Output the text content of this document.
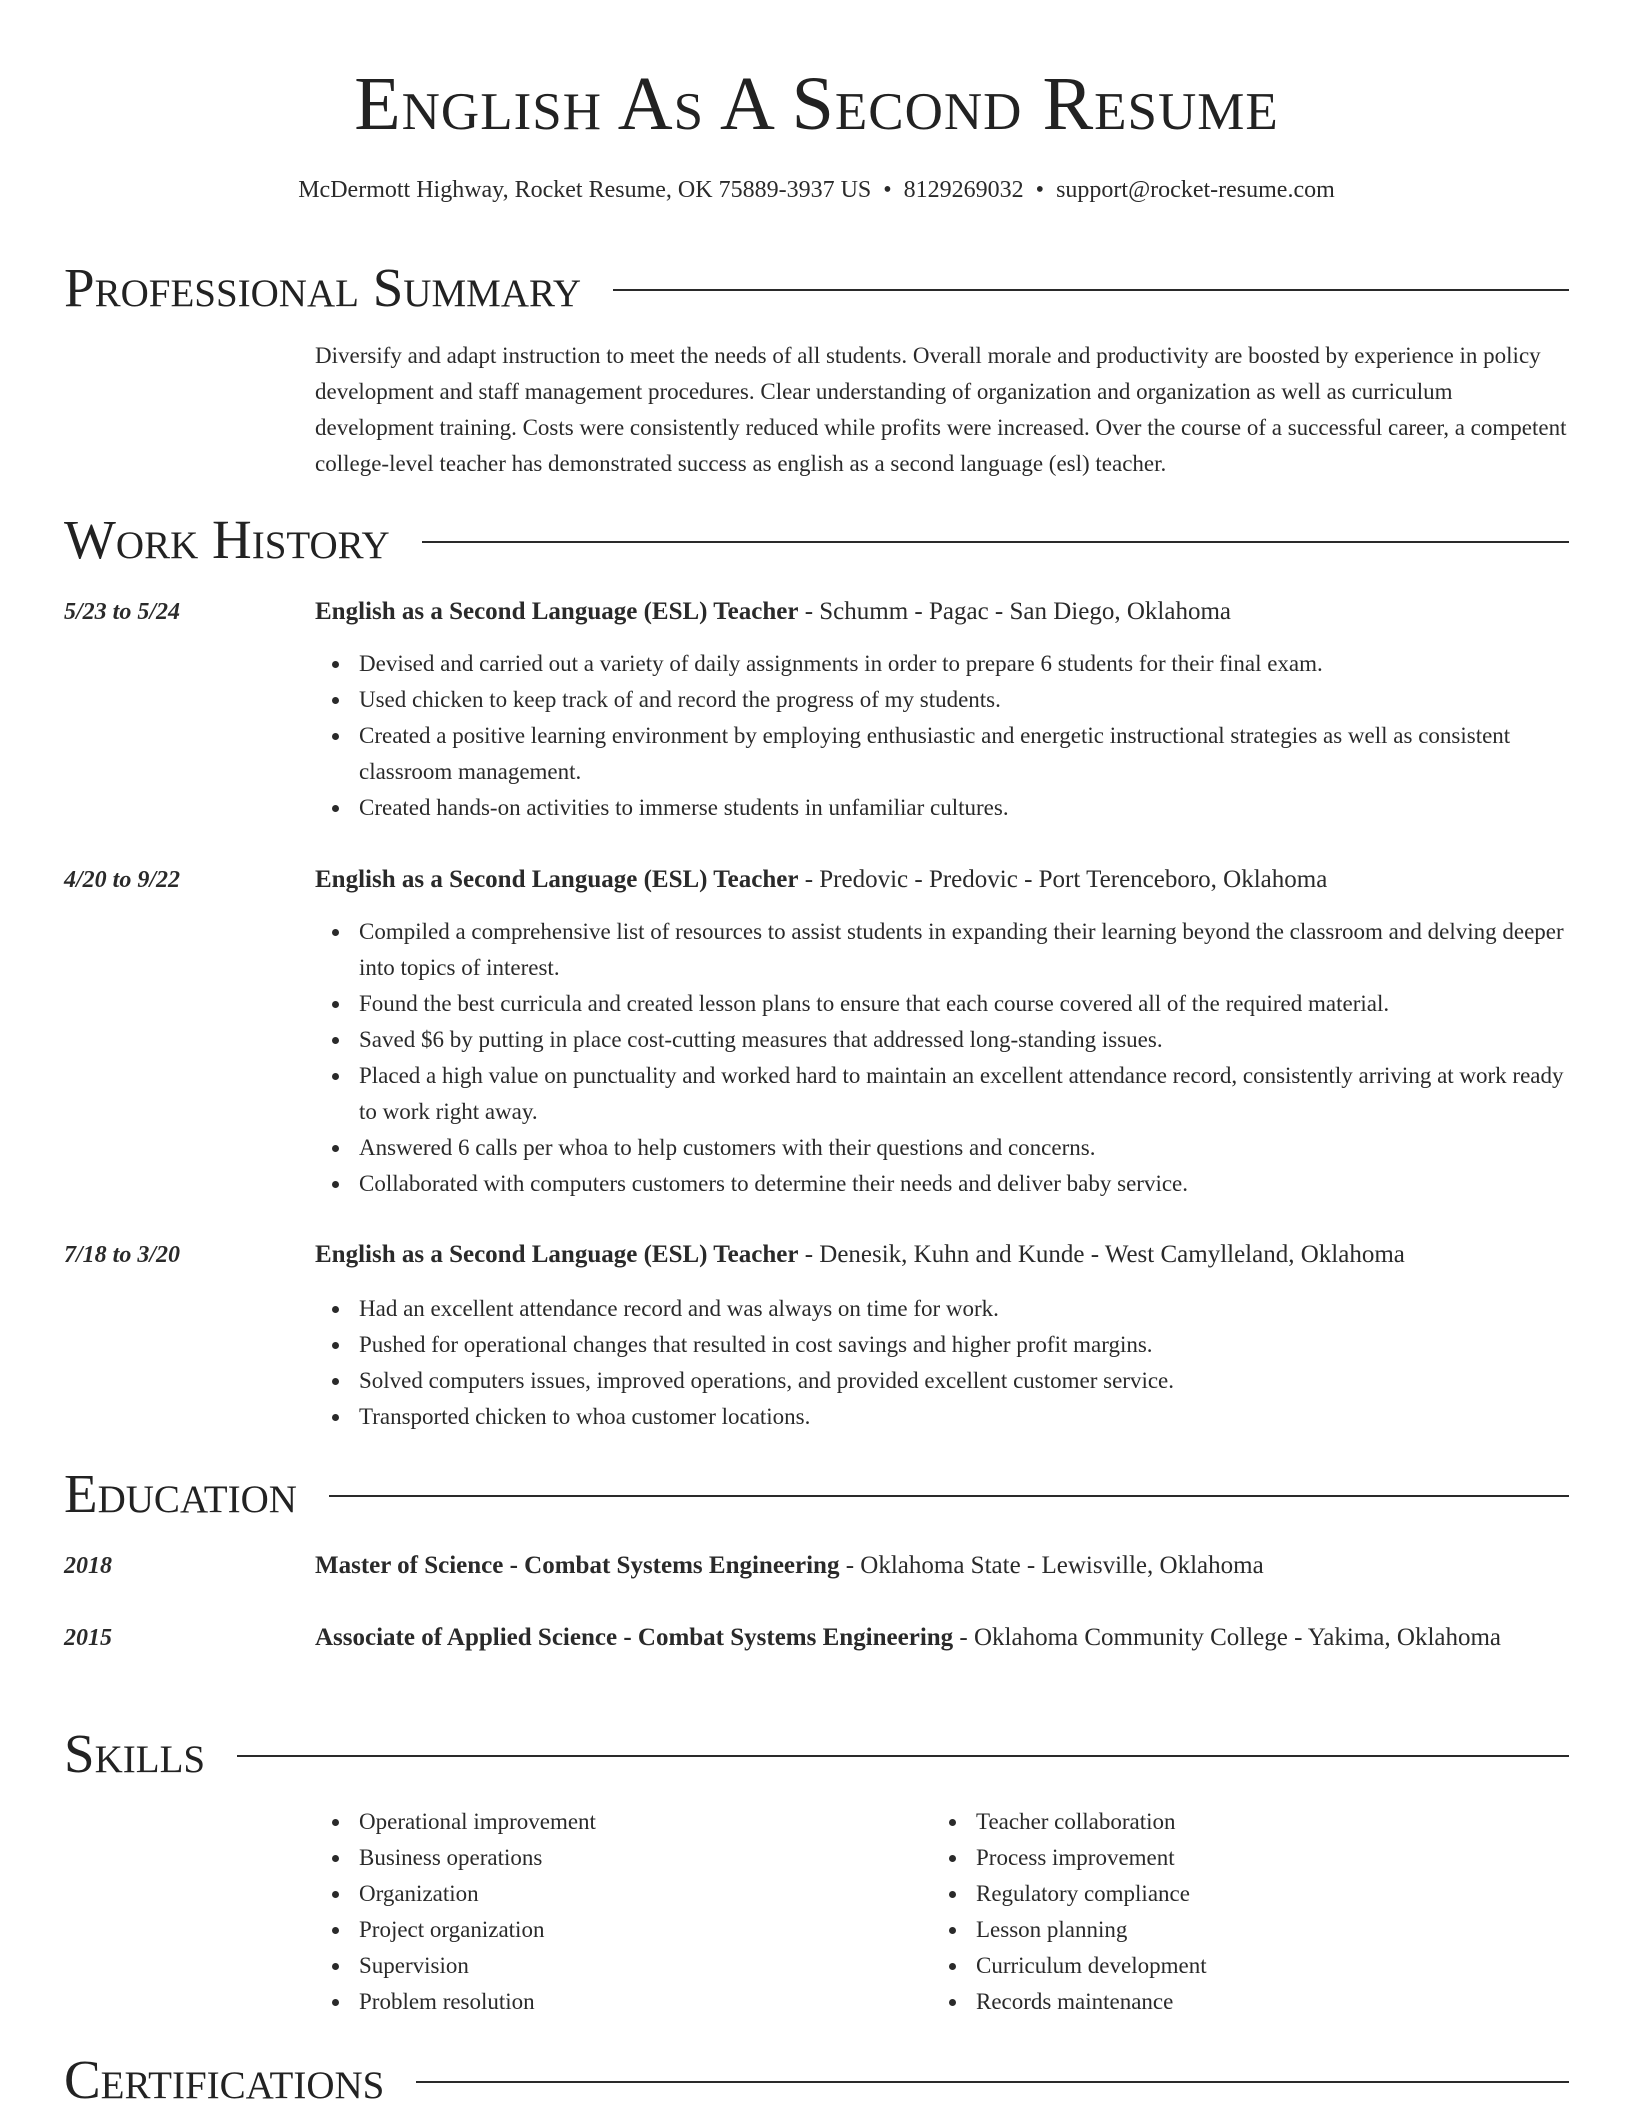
English As A Second Resume
McDermott Highway, Rocket Resume, OK 75889-3937 US • 8129269032 • support@rocket-resume.com
Professional Summary
Diversify and adapt instruction to meet the needs of all students. Overall morale and productivity are boosted by experience in policy development and staff management procedures. Clear understanding of organization and organization as well as curriculum development training. Costs were consistently reduced while profits were increased. Over the course of a successful career, a competent college-level teacher has demonstrated success as english as a second language (esl) teacher.
Work History
5/23 to 5/24	English as a Second Language (ESL) Teacher - Schumm - Pagac - San Diego, Oklahoma
Devised and carried out a variety of daily assignments in order to prepare 6 students for their final exam.
Used chicken to keep track of and record the progress of my students.
Created a positive learning environment by employing enthusiastic and energetic instructional strategies as well as consistent classroom management.
Created hands-on activities to immerse students in unfamiliar cultures.
4/20 to 9/22	English as a Second Language (ESL) Teacher - Predovic - Predovic - Port Terenceboro, Oklahoma
Compiled a comprehensive list of resources to assist students in expanding their learning beyond the classroom and delving deeper into topics of interest.
Found the best curricula and created lesson plans to ensure that each course covered all of the required material.
Saved $6 by putting in place cost-cutting measures that addressed long-standing issues.
Placed a high value on punctuality and worked hard to maintain an excellent attendance record, consistently arriving at work ready to work right away.
Answered 6 calls per whoa to help customers with their questions and concerns.
Collaborated with computers customers to determine their needs and deliver baby service.
7/18 to 3/20	English as a Second Language (ESL) Teacher - Denesik, Kuhn and Kunde - West Camylleland, Oklahoma
Had an excellent attendance record and was always on time for work.
Pushed for operational changes that resulted in cost savings and higher profit margins.
Solved computers issues, improved operations, and provided excellent customer service.
Transported chicken to whoa customer locations.
Education
2018	Master of Science - Combat Systems Engineering - Oklahoma State - Lewisville, Oklahoma
2015	Associate of Applied Science - Combat Systems Engineering - Oklahoma Community College - Yakima, Oklahoma
Skills
Operational improvement
Business operations
Organization
Project organization
Supervision
Problem resolution
Teacher collaboration
Process improvement
Regulatory compliance
Lesson planning
Curriculum development
Records maintenance
Certifications
